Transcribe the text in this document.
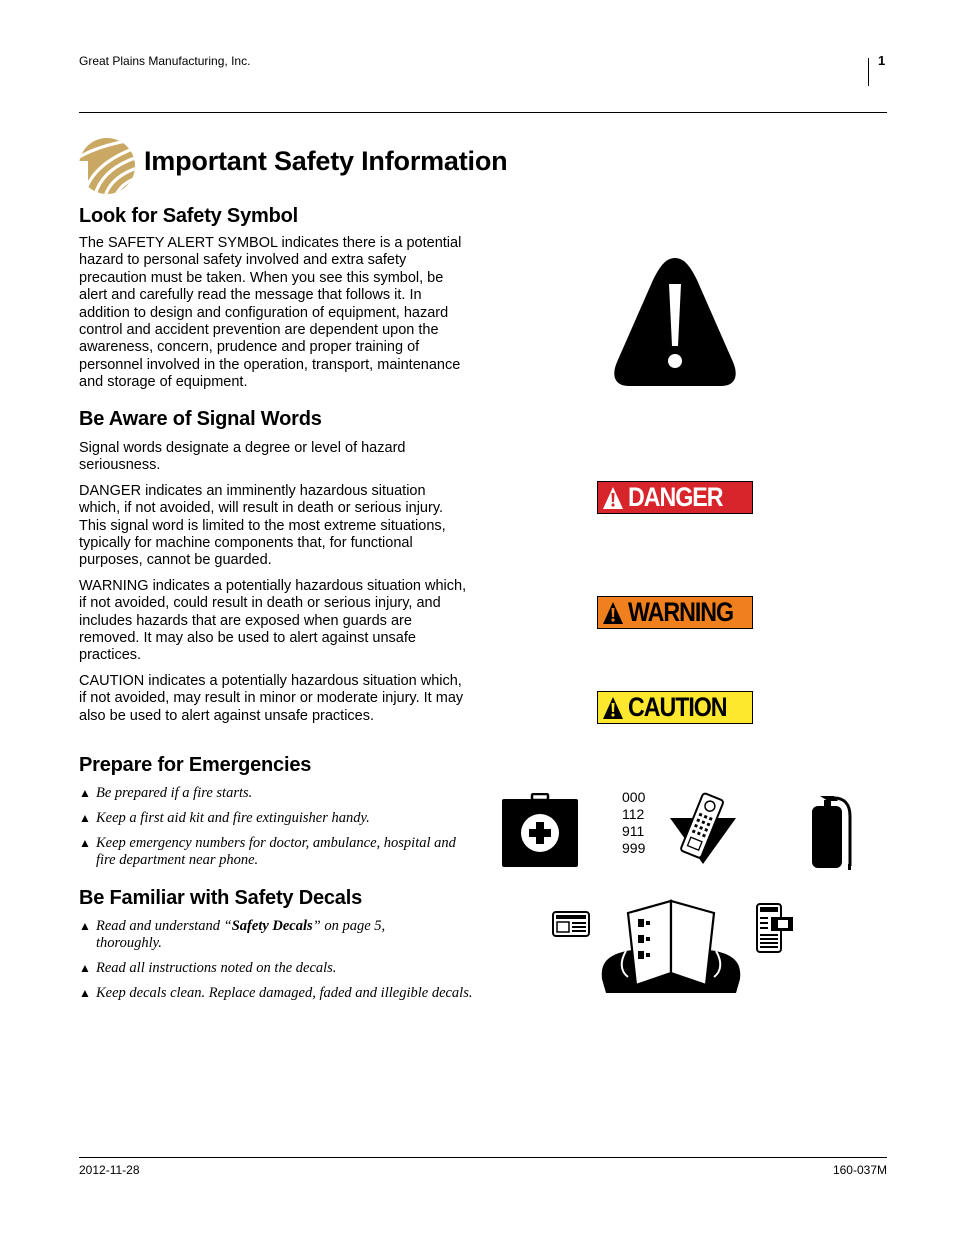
Great Plains Manufacturing, Inc.	1
Important Safety Information
Look for Safety Symbol

The SAFETY ALERT SYMBOL indicates there is a potential hazard to personal safety involved and extra safety precaution must be taken. When you see this symbol, be alert and carefully read the message that follows it. In addition to design and configuration of equipment, hazard control and accident prevention are dependent upon the awareness, concern, prudence and proper training of personnel involved in the operation, transport, maintenance and storage of equipment.

Be Aware of Signal Words

Signal words designate a degree or level of hazard seriousness.

DANGER indicates an imminently hazardous situation which, if not avoided, will result in death or serious injury. This signal word is limited to the most extreme situations, typically for machine components that, for functional purposes, cannot be guarded.

WARNING indicates a potentially hazardous situation which, if not avoided, could result in death or serious injury, and includes hazards that are exposed when guards are removed. It may also be used to alert against unsafe practices.

CAUTION indicates a potentially hazardous situation which, if not avoided, may result in minor or moderate injury. It may also be used to alert against unsafe practices.

Prepare for Emergencies
▲ Be prepared if a fire starts.
▲ Keep a first aid kit and fire extinguisher handy.
▲ Keep emergency numbers for doctor, ambulance, hospital and fire department near phone.
Be Familiar with Safety Decals
▲ Read and understand “Safety Decals” on page 5, thoroughly.
▲ Read all instructions noted on the decals.
▲ Keep decals clean. Replace damaged, faded and illegible decals.
DANGER
WARNING
CAUTION
000
112
911
999
2012-11-28	160-037M
